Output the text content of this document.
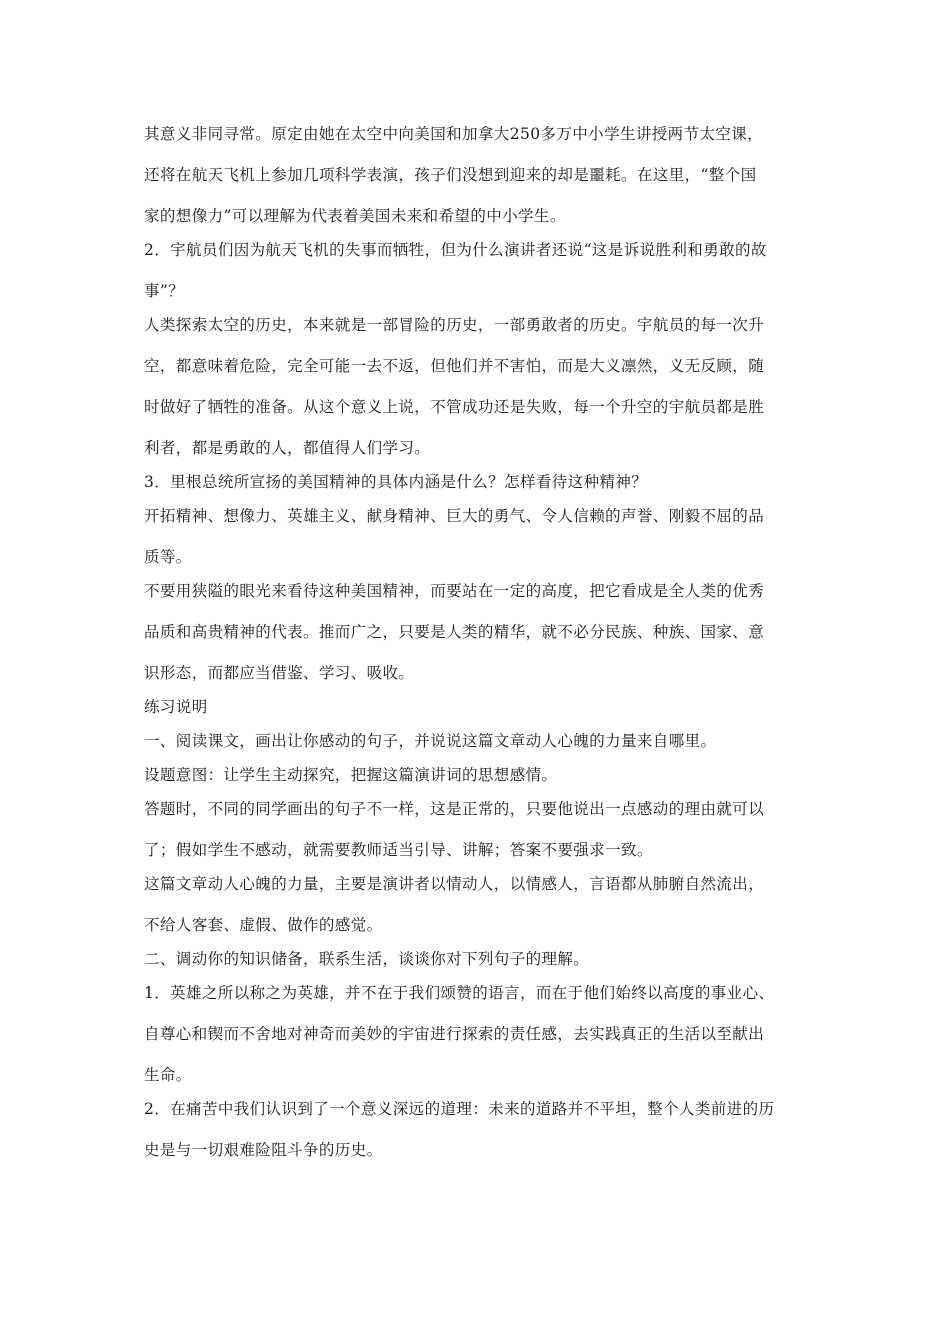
其意义非同寻常。原定由她在太空中向美国和加拿大250多万中小学生讲授两节太空课，
还将在航天飞机上参加几项科学表演，孩子们没想到迎来的却是噩耗。在这里，“整个国
家的想像力”可以理解为代表着美国未来和希望的中小学生。
2．宇航员们因为航天飞机的失事而牺牲，但为什么演讲者还说“这是诉说胜利和勇敢的故
事”？
人类探索太空的历史，本来就是一部冒险的历史，一部勇敢者的历史。宇航员的每一次升
空，都意味着危险，完全可能一去不返，但他们并不害怕，而是大义凛然，义无反顾，随
时做好了牺牲的准备。从这个意义上说，不管成功还是失败，每一个升空的宇航员都是胜
利者，都是勇敢的人，都值得人们学习。
3．里根总统所宣扬的美国精神的具体内涵是什么？怎样看待这种精神？
开拓精神、想像力、英雄主义、献身精神、巨大的勇气、令人信赖的声誉、刚毅不屈的品
质等。
不要用狭隘的眼光来看待这种美国精神，而要站在一定的高度，把它看成是全人类的优秀
品质和高贵精神的代表。推而广之，只要是人类的精华，就不必分民族、种族、国家、意
识形态，而都应当借鉴、学习、吸收。
练习说明
一、阅读课文，画出让你感动的句子，并说说这篇文章动人心魄的力量来自哪里。
设题意图：让学生主动探究，把握这篇演讲词的思想感情。
答题时，不同的同学画出的句子不一样，这是正常的，只要他说出一点感动的理由就可以
了；假如学生不感动，就需要教师适当引导、讲解；答案不要强求一致。
这篇文章动人心魄的力量，主要是演讲者以情动人，以情感人，言语都从肺腑自然流出，
不给人客套、虚假、做作的感觉。
二、调动你的知识储备，联系生活，谈谈你对下列句子的理解。
1．英雄之所以称之为英雄，并不在于我们颂赞的语言，而在于他们始终以高度的事业心、
自尊心和锲而不舍地对神奇而美妙的宇宙进行探索的责任感，去实践真正的生活以至献出
生命。
2．在痛苦中我们认识到了一个意义深远的道理：未来的道路并不平坦，整个人类前进的历
史是与一切艰难险阻斗争的历史。
